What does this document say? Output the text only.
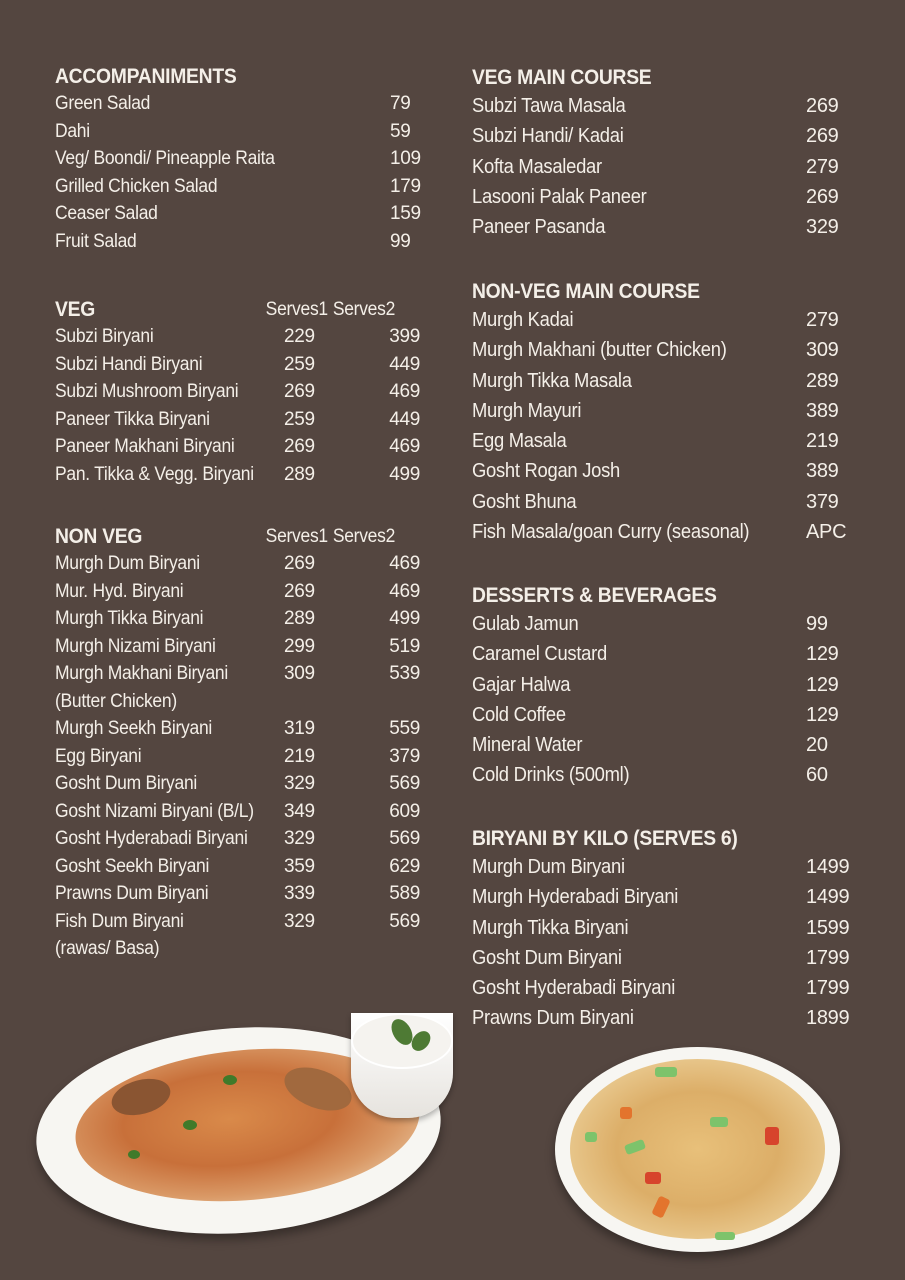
ACCOMPANIMENTS
Green Salad	79
Dahi	59
Veg/ Boondi/ Pineapple Raita	109
Grilled Chicken Salad	179
Ceaser Salad	159
Fruit Salad	99
VEG	Serves1 Serves2
Subzi Biryani	229	399
Subzi Handi Biryani	259	449
Subzi Mushroom Biryani 269	469
Paneer Tikka Biryani	259	449
Paneer Makhani Biryani	269	469
Pan. Tikka & Vegg. Biryani 289	499
NON VEG	Serves1 Serves2
Murgh Dum Biryani	269	469
Mur. Hyd. Biryani	269	469
Murgh Tikka Biryani	289	499
Murgh Nizami Biryani	299	519
Murgh Makhani Biryani	309	539
(Butter Chicken)
Murgh Seekh Biryani	319	559
Egg Biryani	219	379
Gosht Dum Biryani	329	569
Gosht Nizami Biryani (B/L) 349	609
Gosht Hyderabadi Biryani 329	569
Gosht Seekh Biryani	359	629
Prawns Dum Biryani	339	589
Fish Dum Biryani	329	569
(rawas/ Basa)
VEG MAIN COURSE
Subzi Tawa Masala	269
Subzi Handi/ Kadai	269
Kofta Masaledar	279
Lasooni Palak Paneer	269
Paneer Pasanda	329
NON-VEG MAIN COURSE
Murgh Kadai	279
Murgh Makhani (butter Chicken)	309
Murgh Tikka Masala	289
Murgh Mayuri	389
Egg Masala	219
Gosht Rogan Josh	389
Gosht Bhuna	379
Fish Masala/goan Curry (seasonal)	APC
DESSERTS & BEVERAGES
Gulab Jamun	99
Caramel Custard	129
Gajar Halwa	129
Cold Coffee	129
Mineral Water	20
Cold Drinks (500ml)	60
BIRYANI BY KILO (SERVES 6)
Murgh Dum Biryani	1499
Murgh Hyderabadi Biryani	1499
Murgh Tikka Biryani	1599
Gosht Dum Biryani	1799
Gosht Hyderabadi Biryani	1799
Prawns Dum Biryani	1899
